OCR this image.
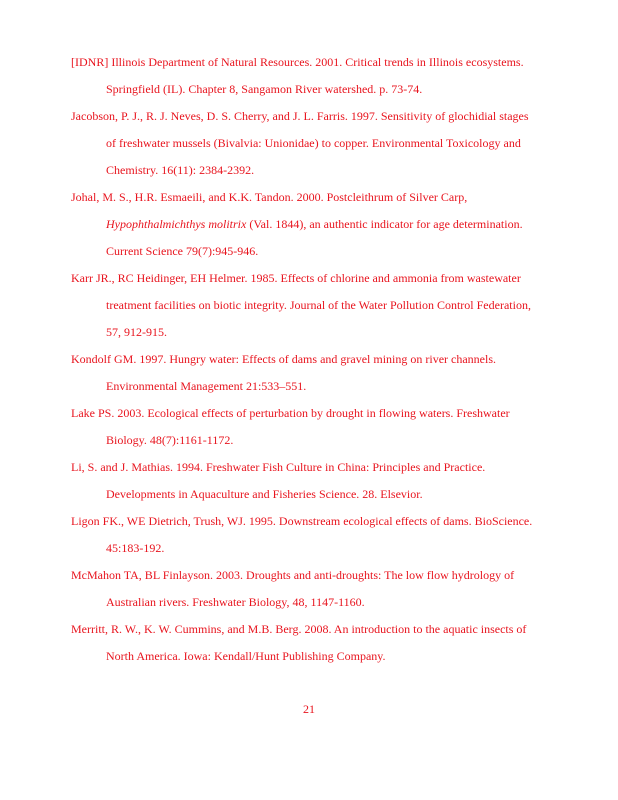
[IDNR] Illinois Department of Natural Resources. 2001. Critical trends in Illinois ecosystems.
Springfield (IL). Chapter 8, Sangamon River watershed. p. 73-74.

Jacobson, P. J., R. J. Neves, D. S. Cherry, and J. L. Farris. 1997. Sensitivity of glochidial stages
of freshwater mussels (Bivalvia: Unionidae) to copper. Environmental Toxicology and
Chemistry. 16(11): 2384-2392.

Johal, M. S., H.R. Esmaeili, and K.K. Tandon. 2000. Postcleithrum of Silver Carp,
Hypophthalmichthys molitrix (Val. 1844), an authentic indicator for age determination.
Current Science 79(7):945-946.

Karr JR., RC Heidinger, EH Helmer. 1985. Effects of chlorine and ammonia from wastewater
treatment facilities on biotic integrity. Journal of the Water Pollution Control Federation,
57, 912-915.

Kondolf GM. 1997. Hungry water: Effects of dams and gravel mining on river channels.
Environmental Management 21:533–551.

Lake PS. 2003. Ecological effects of perturbation by drought in flowing waters. Freshwater
Biology. 48(7):1161-1172.

Li, S. and J. Mathias. 1994. Freshwater Fish Culture in China: Principles and Practice.
Developments in Aquaculture and Fisheries Science. 28. Elsevior.

Ligon FK., WE Dietrich, Trush, WJ. 1995. Downstream ecological effects of dams. BioScience.
45:183-192.

McMahon TA, BL Finlayson. 2003. Droughts and anti-droughts: The low flow hydrology of
Australian rivers. Freshwater Biology, 48, 1147-1160.

Merritt, R. W., K. W. Cummins, and M.B. Berg. 2008. An introduction to the aquatic insects of
North America. Iowa: Kendall/Hunt Publishing Company.

21
